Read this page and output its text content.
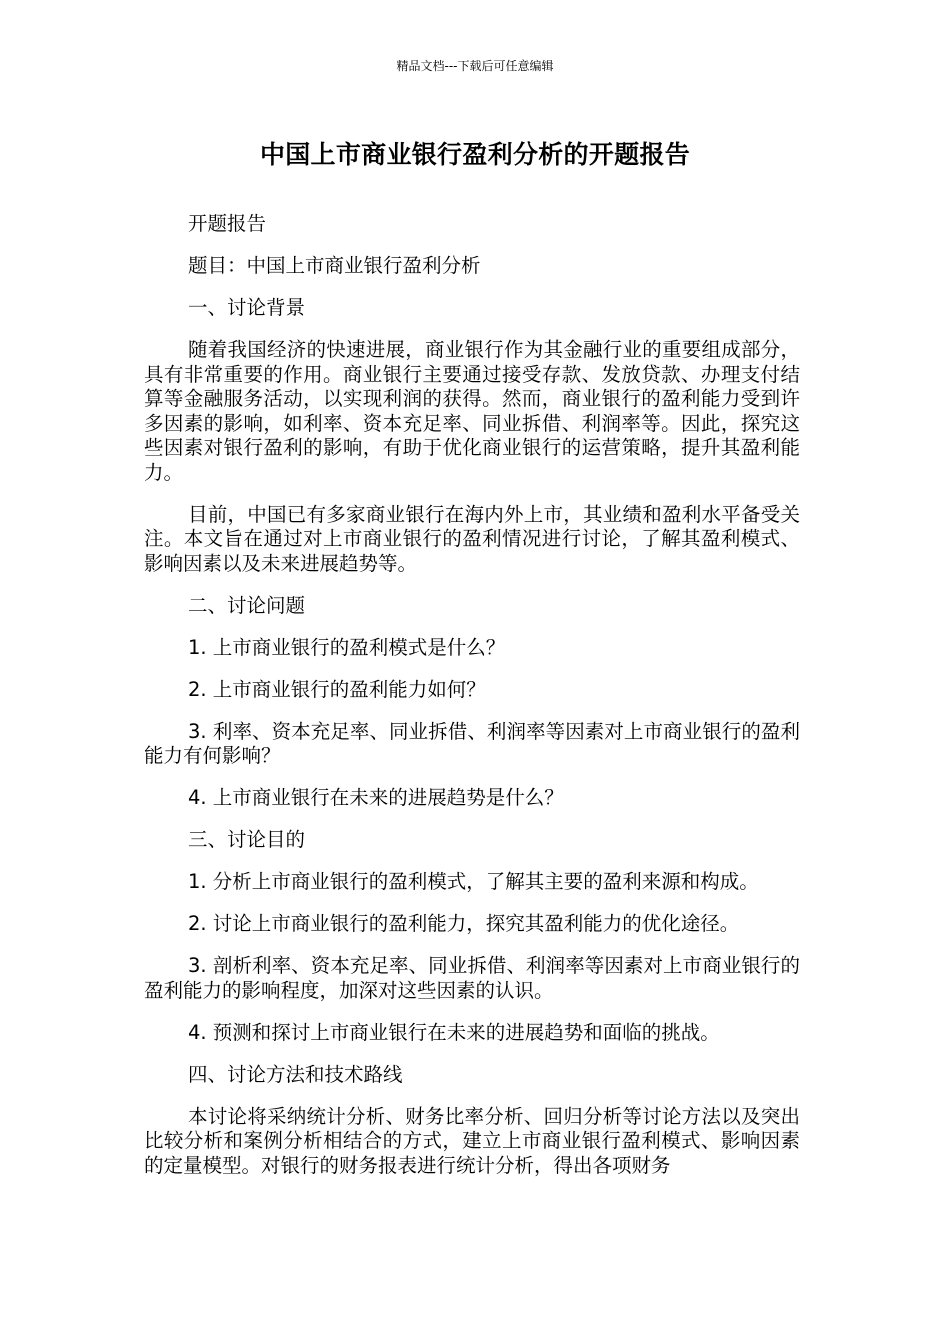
精品文档---下载后可任意编辑
中国上市商业银行盈利分析的开题报告

开题报告

题目：中国上市商业银行盈利分析

一、讨论背景

随着我国经济的快速进展，商业银行作为其金融行业的重要组成部分，具有非常重要的作用。商业银行主要通过接受存款、发放贷款、办理支付结算等金融服务活动，以实现利润的获得。然而，商业银行的盈利能力受到许多因素的影响，如利率、资本充足率、同业拆借、利润率等。因此，探究这些因素对银行盈利的影响，有助于优化商业银行的运营策略，提升其盈利能力。

目前，中国已有多家商业银行在海内外上市，其业绩和盈利水平备受关注。本文旨在通过对上市商业银行的盈利情况进行讨论，了解其盈利模式、影响因素以及未来进展趋势等。

二、讨论问题

1. 上市商业银行的盈利模式是什么？

2. 上市商业银行的盈利能力如何？

3. 利率、资本充足率、同业拆借、利润率等因素对上市商业银行的盈利能力有何影响？

4. 上市商业银行在未来的进展趋势是什么？

三、讨论目的

1. 分析上市商业银行的盈利模式，了解其主要的盈利来源和构成。

2. 讨论上市商业银行的盈利能力，探究其盈利能力的优化途径。

3. 剖析利率、资本充足率、同业拆借、利润率等因素对上市商业银行的盈利能力的影响程度，加深对这些因素的认识。

4. 预测和探讨上市商业银行在未来的进展趋势和面临的挑战。

四、讨论方法和技术路线

本讨论将采纳统计分析、财务比率分析、回归分析等讨论方法以及突出比较分析和案例分析相结合的方式，建立上市商业银行盈利模式、影响因素的定量模型。对银行的财务报表进行统计分析，得出各项财务
